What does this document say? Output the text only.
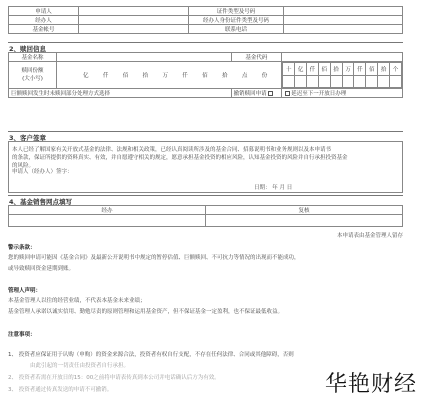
申请人		证件类型及号码	
经办人		经办人身份证件类型及号码	
基金帐号		联系电话	
2、赎回信息
基金名称		基金代码	

赎回份额
(大小写)	亿	仟	佰	拾	万	仟	佰	拾	点	份

十	亿	仟	佰	拾	万	仟	佰	拾	个

巨额赎回发生时未赎回部分处理方式选择	撤销赎回申请	延迟至下一开放日办理
3、客户签章
本人已经了解国家有关开放式基金的法律、法规和相关政策，已经认真阅读所涉及的基金合同、招募说明书和业务规则以及本申请书
的条款，保证所提供的资料真实、有效，并自愿遵守相关的规定，愿意承担基金投资的相应风险，认知基金投资的风险并自行承担投资基金
的风险。
申请人（经办人）签字：
日期： 年 月 日
4、基金销售网点填写
经办	复核

本申请表由基金管理人留存
警示条款：
您的赎回申请可能因《基金合同》及最新公开说明书中规定的暂停估值、巨额赎回、不可抗力等情况的出现而不能成功，
或导致赎回资金延期到账。
管理人声明：
本基金管理人以往的经营业绩，不代表本基金未来业绩；
基金管理人承诺以诚实信用、勤勉尽责的原则管理和运用基金资产，但不保证基金一定盈利，也不保证最低收益。
注意事项：
1、 投资者应保证用于认购（申购）的资金来源合法，投资者有权自行支配，不存在任何法律、合同或其他障碍，否则
由此引起的一切责任由投资者自行承担。
2、 投资者若需在开放日的15：00之前将申请表传真到本公司并电话确认后方为有效。
3、 投资者通过传真发送的申请不可撤销。	华艳财经
